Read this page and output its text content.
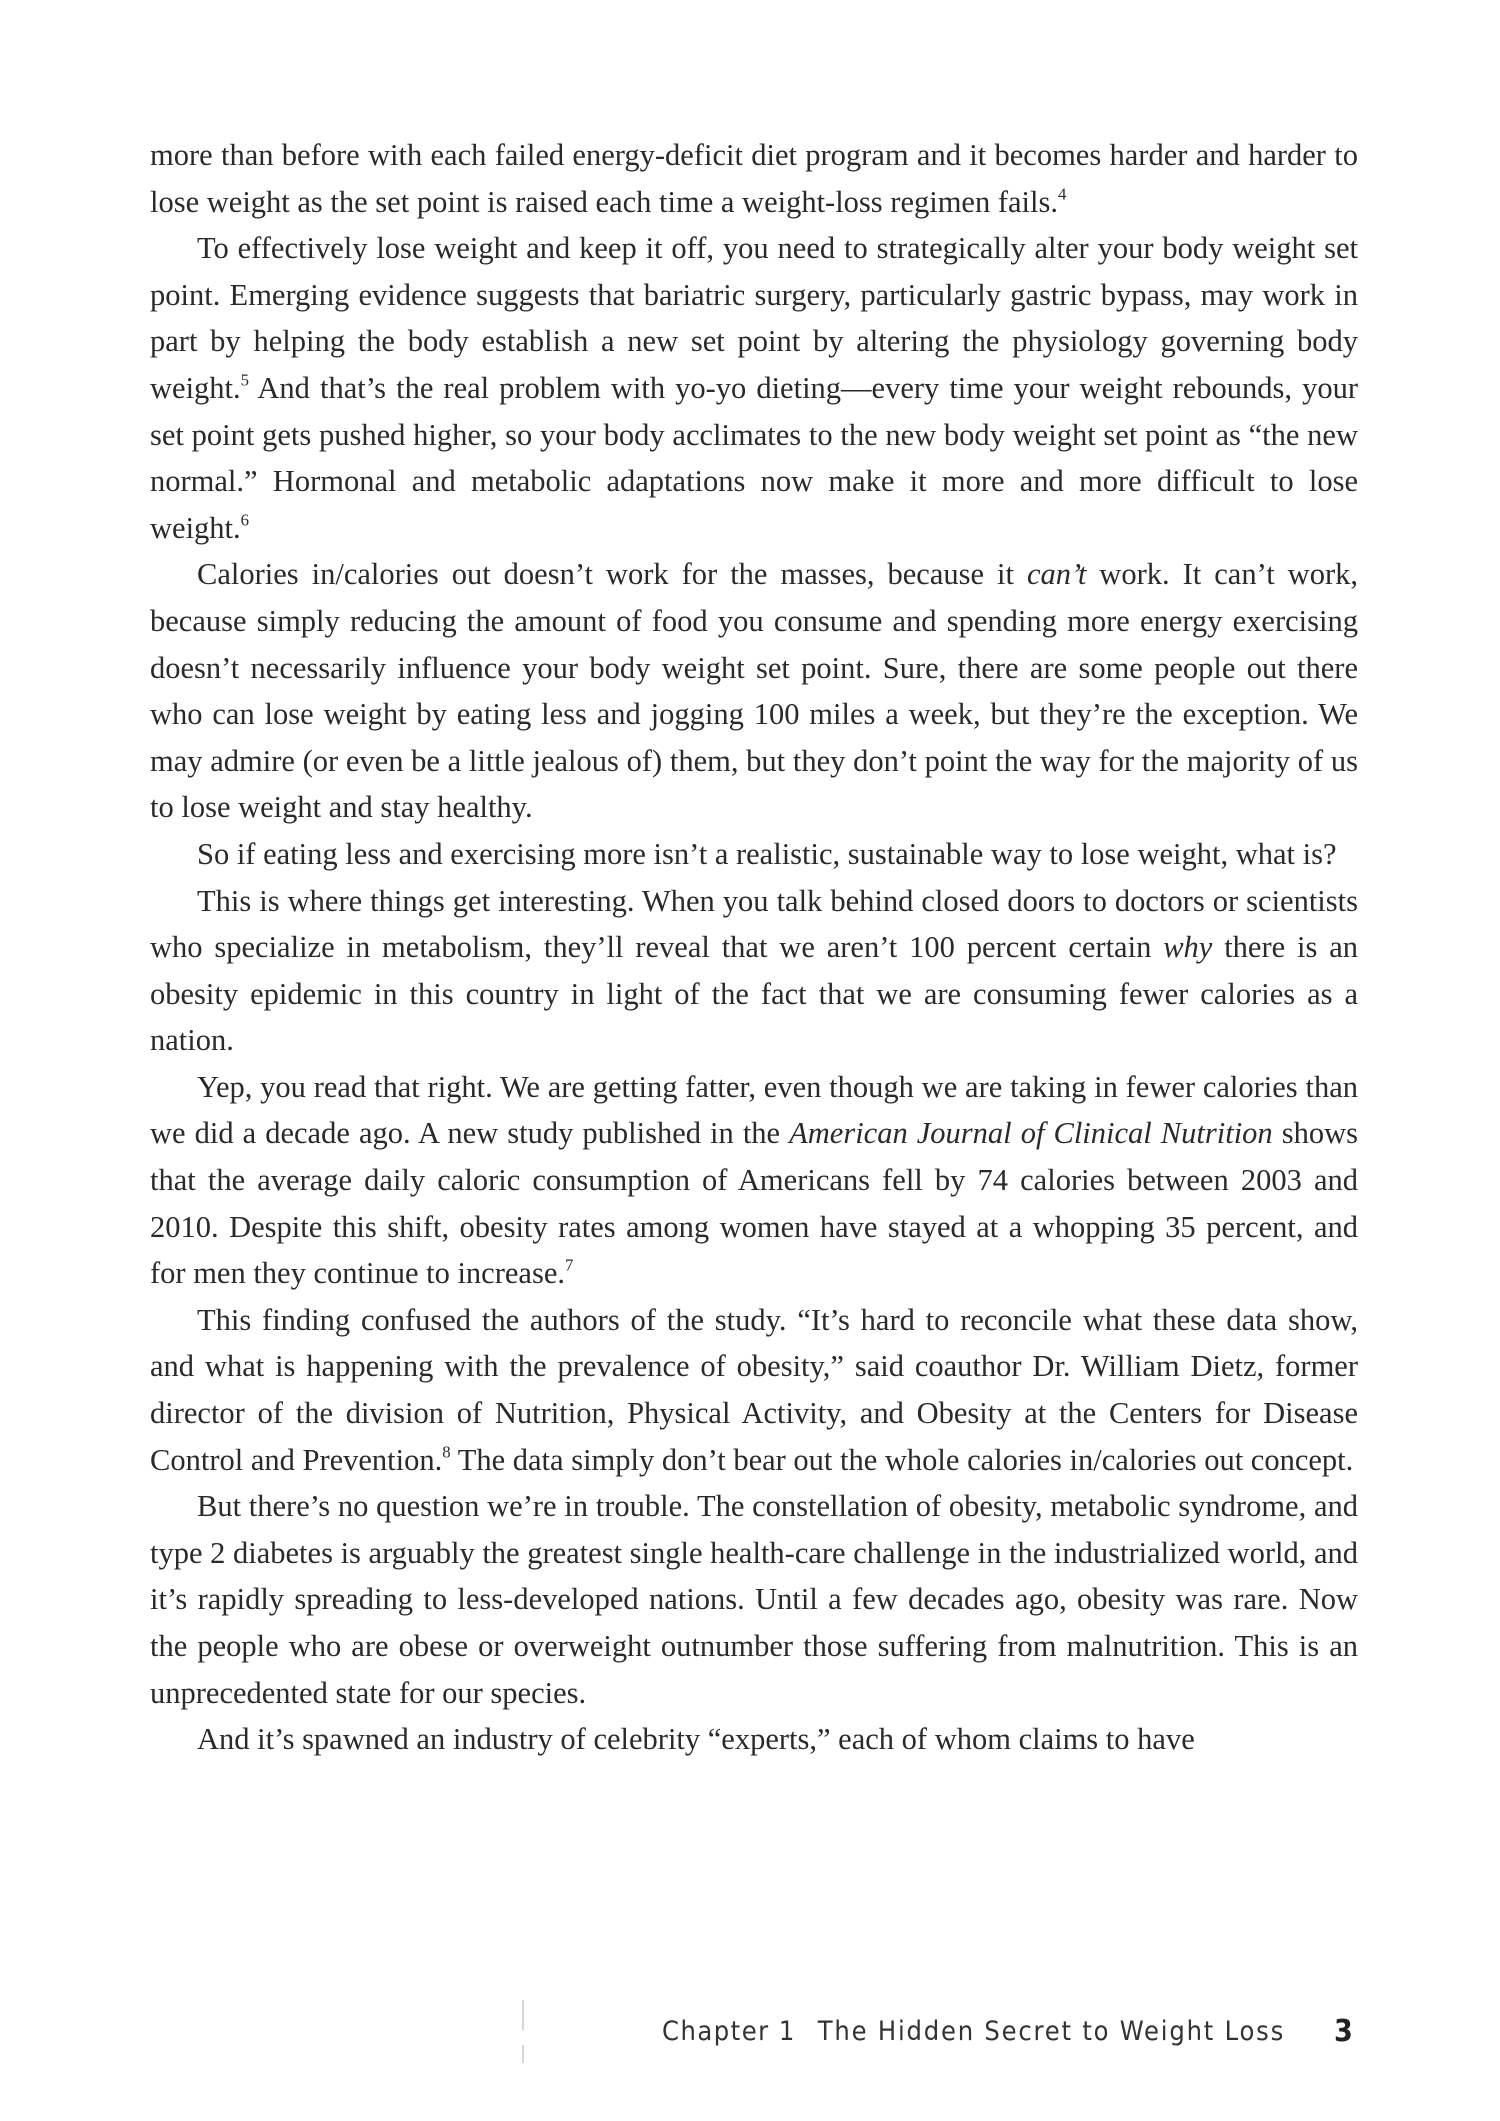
more than before with each failed energy-deficit diet program and it becomes harder and harder to lose weight as the set point is raised each time a weight-loss regimen fails.$^4$

To effectively lose weight and keep it off, you need to strategically alter your body weight set point. Emerging evidence suggests that bariatric surgery, particularly gastric bypass, may work in part by helping the body establish a new set point by altering the physiology governing body weight.$^5$ And that’s the real problem with yo-yo dieting—every time your weight rebounds, your set point gets pushed higher, so your body acclimates to the new body weight set point as “the new normal.” Hormonal and metabolic adaptations now make it more and more difficult to lose weight.$^6$

Calories in/calories out doesn’t work for the masses, because it can’t work. It can’t work, because simply reducing the amount of food you consume and spending more energy exercising doesn’t necessarily influence your body weight set point. Sure, there are some people out there who can lose weight by eating less and jogging 100 miles a week, but they’re the exception. We may admire (or even be a little jealous of) them, but they don’t point the way for the majority of us to lose weight and stay healthy.

So if eating less and exercising more isn’t a realistic, sustainable way to lose weight, what is?

This is where things get interesting. When you talk behind closed doors to doctors or scientists who specialize in metabolism, they’ll reveal that we aren’t 100 percent certain why there is an obesity epidemic in this country in light of the fact that we are consuming fewer calories as a nation.

Yep, you read that right. We are getting fatter, even though we are taking in fewer calories than we did a decade ago. A new study published in the American Journal of Clinical Nutrition shows that the average daily caloric consumption of Americans fell by 74 calories between 2003 and 2010. Despite this shift, obesity rates among women have stayed at a whopping 35 percent, and for men they continue to increase.$^7$

This finding confused the authors of the study. “It’s hard to reconcile what these data show, and what is happening with the prevalence of obesity,” said coauthor Dr. William Dietz, former director of the division of Nutrition, Physical Activity, and Obesity at the Centers for Disease Control and Prevention.$^8$ The data simply don’t bear out the whole calories in/calories out concept.

But there’s no question we’re in trouble. The constellation of obesity, metabolic syndrome, and type 2 diabetes is arguably the greatest single health-care challenge in the industrialized world, and it’s rapidly spreading to less-developed nations. Until a few decades ago, obesity was rare. Now the people who are obese or overweight outnumber those suffering from malnutrition. This is an unprecedented state for our species.

And it’s spawned an industry of celebrity “experts,” each of whom claims to have

Chapter 1 The Hidden Secret to Weight Loss 3
